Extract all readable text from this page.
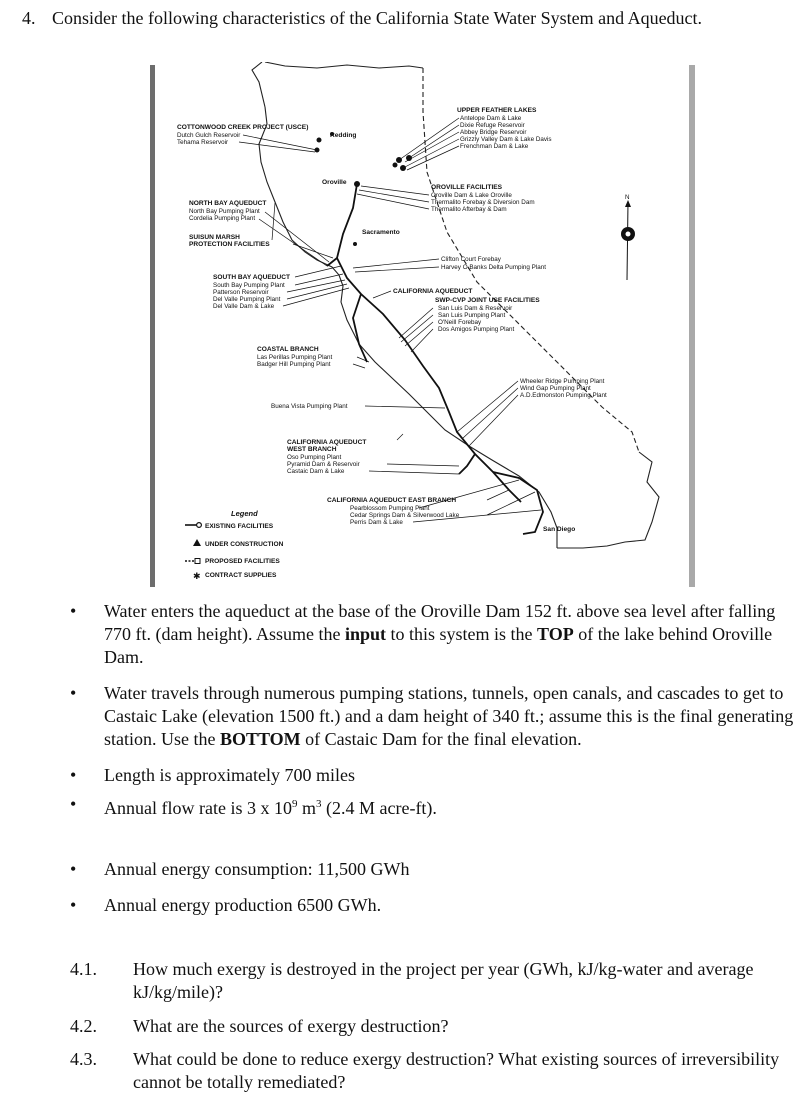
4. Consider the following characteristics of the California State Water System and Aqueduct.
COTTONWOOD CREEK PROJECT (USCE)
Dutch Gulch Reservoir
Tehama Reservoir
Redding
UPPER FEATHER LAKES
Antelope Dam & Lake
Dixie Refuge Reservoir
Abbey Bridge Reservoir
Grizzly Valley Dam & Lake Davis
Frenchman Dam & Lake
Oroville
OROVILLE FACILITIES
Oroville Dam & Lake Oroville
Thermalito Forebay & Diversion Dam
Thermalito Afterbay & Dam
NORTH BAY AQUEDUCT
North Bay Pumping Plant
Cordelia Pumping Plant
SUISUN MARSH
PROTECTION FACILITIES
Sacramento
Clifton Court Forebay
Harvey O.Banks Delta Pumping Plant
SOUTH BAY AQUEDUCT
South Bay Pumping Plant
Patterson Reservoir
Del Valle Pumping Plant
Del Valle Dam & Lake
CALIFORNIA AQUEDUCT
SWP-CVP JOINT USE FACILITIES
San Luis Dam & Reservoir
San Luis Pumping Plant
O'Neill Forebay
Dos Amigos Pumping Plant
COASTAL BRANCH
Las Perillas Pumping Plant
Badger Hill Pumping Plant
Buena Vista Pumping Plant
Wheeler Ridge Pumping Plant
Wind Gap Pumping Plant
A.D.Edmonston Pumping Plant
CALIFORNIA AQUEDUCT
WEST BRANCH
Oso Pumping Plant
Pyramid Dam & Reservoir
Castaic Dam & Lake
CALIFORNIA AQUEDUCT EAST BRANCH
Pearblossom Pumping Plant
Cedar Springs Dam & Silverwood Lake
Perris Dam & Lake
San Diego
N
Legend
EXISTING FACILITIES
UNDER CONSTRUCTION
PROPOSED FACILITIES
✱ CONTRACT SUPPLIES

• Water enters the aqueduct at the base of the Oroville Dam 152 ft. above sea level after falling 770 ft. (dam height). Assume the input to this system is the TOP of the lake behind Oroville Dam.

• Water travels through numerous pumping stations, tunnels, open canals, and cascades to get to Castaic Lake (elevation 1500 ft.) and a dam height of 340 ft.; assume this is the final generating station. Use the BOTTOM of Castaic Dam for the final elevation.

• Length is approximately 700 miles

• Annual flow rate is 3 x $10^9$ $m^3$ (2.4 M acre-ft).

• Annual energy consumption: 11,500 GWh

• Annual energy production 6500 GWh.

4.1. How much exergy is destroyed in the project per year (GWh, kJ/kg-water and average kJ/kg/mile)?
4.2. What are the sources of exergy destruction?
4.3. What could be done to reduce exergy destruction? What existing sources of irreversibility cannot be totally remediated?
